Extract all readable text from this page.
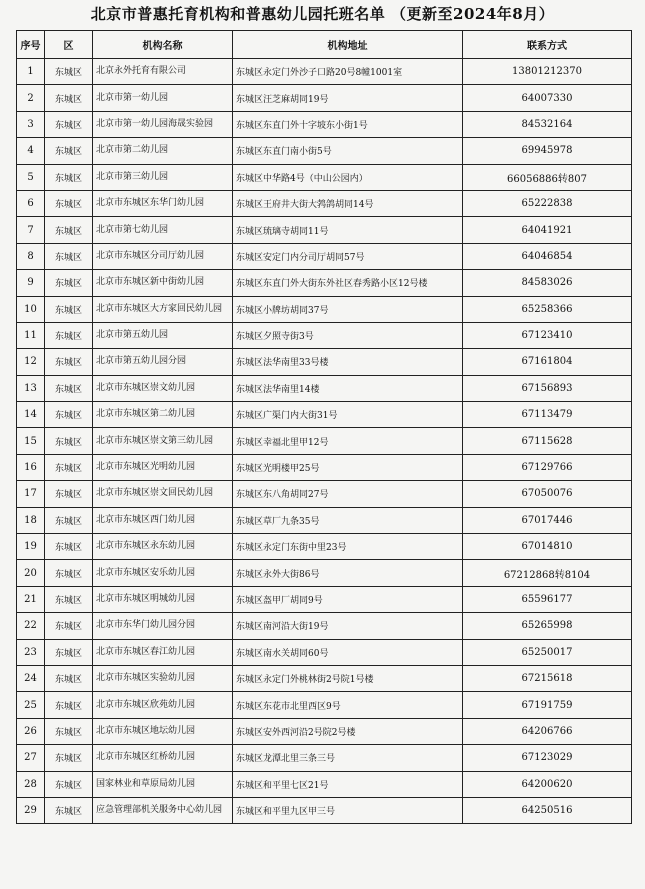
北京市普惠托育机构和普惠幼儿园托班名单 （更新至2024年8月）
序号	区	机构名称	机构地址	联系方式
1	东城区	北京永外托育有限公司	东城区永定门外沙子口路20号8幢1001室	13801212370
2	东城区	北京市第一幼儿园	东城区汪芝麻胡同19号	64007330
3	东城区	北京市第一幼儿园海晟实验园	东城区东直门外十字坡东小街1号	84532164
4	东城区	北京市第二幼儿园	东城区东直门南小街5号	69945978
5	东城区	北京市第三幼儿园	东城区中华路4号（中山公园内）	66056886转807
6	东城区	北京市东城区东华门幼儿园	东城区王府井大街大鹁鸽胡同14号	65222838
7	东城区	北京市第七幼儿园	东城区琉璃寺胡同11号	64041921
8	东城区	北京市东城区分司厅幼儿园	东城区安定门内分司厅胡同57号	64046854
9	东城区	北京市东城区新中街幼儿园	东城区东直门外大街东外社区春秀路小区12号楼	84583026
10	东城区	北京市东城区大方家回民幼儿园	东城区小牌坊胡同37号	65258366
11	东城区	北京市第五幼儿园	东城区夕照寺街3号	67123410
12	东城区	北京市第五幼儿园分园	东城区法华南里33号楼	67161804
13	东城区	北京市东城区崇文幼儿园	东城区法华南里14楼	67156893
14	东城区	北京市东城区第二幼儿园	东城区广渠门内大街31号	67113479
15	东城区	北京市东城区崇文第三幼儿园	东城区幸福北里甲12号	67115628
16	东城区	北京市东城区光明幼儿园	东城区光明楼甲25号	67129766
17	东城区	北京市东城区崇文回民幼儿园	东城区东八角胡同27号	67050076
18	东城区	北京市东城区西门幼儿园	东城区草厂九条35号	67017446
19	东城区	北京市东城区永东幼儿园	东城区永定门东街中里23号	67014810
20	东城区	北京市东城区安乐幼儿园	东城区永外大街86号	67212868转8104
21	东城区	北京市东城区明城幼儿园	东城区盔甲厂胡同9号	65596177
22	东城区	北京市东华门幼儿园分园	东城区南河沿大街19号	65265998
23	东城区	北京市东城区春江幼儿园	东城区南水关胡同60号	65250017
24	东城区	北京市东城区实验幼儿园	东城区永定门外桃林街2号院1号楼	67215618
25	东城区	北京市东城区欣苑幼儿园	东城区东花市北里西区9号	67191759
26	东城区	北京市东城区地坛幼儿园	东城区安外西河沿2号院2号楼	64206766
27	东城区	北京市东城区红桥幼儿园	东城区龙潭北里三条三号	67123029
28	东城区	国家林业和草原局幼儿园	东城区和平里七区21号	64200620
29	东城区	应急管理部机关服务中心幼儿园	东城区和平里九区甲三号	64250516
